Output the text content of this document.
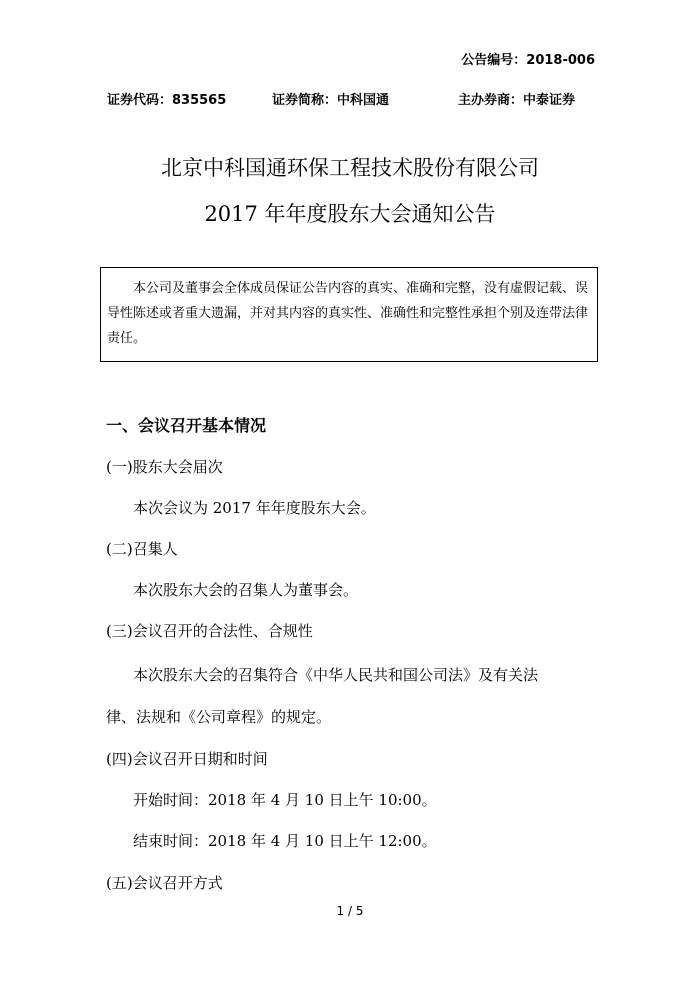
公告编号：2018-006
证券代码：835565	证券简称：中科国通	主办券商：中泰证券
北京中科国通环保工程技术股份有限公司
2017 年年度股东大会通知公告

本公司及董事会全体成员保证公告内容的真实、准确和完整，没有虚假记载、误导性陈述或者重大遗漏，并对其内容的真实性、准确性和完整性承担个别及连带法律责任。

一、会议召开基本情况
(一)股东大会届次
本次会议为 2017 年年度股东大会。
(二)召集人
本次股东大会的召集人为董事会。
(三)会议召开的合法性、合规性
本次股东大会的召集符合《中华人民共和国公司法》及有关法
律、法规和《公司章程》的规定。
(四)会议召开日期和时间
开始时间：2018 年 4 月 10 日上午 10:00。
结束时间：2018 年 4 月 10 日上午 12:00。
(五)会议召开方式
1 / 5
